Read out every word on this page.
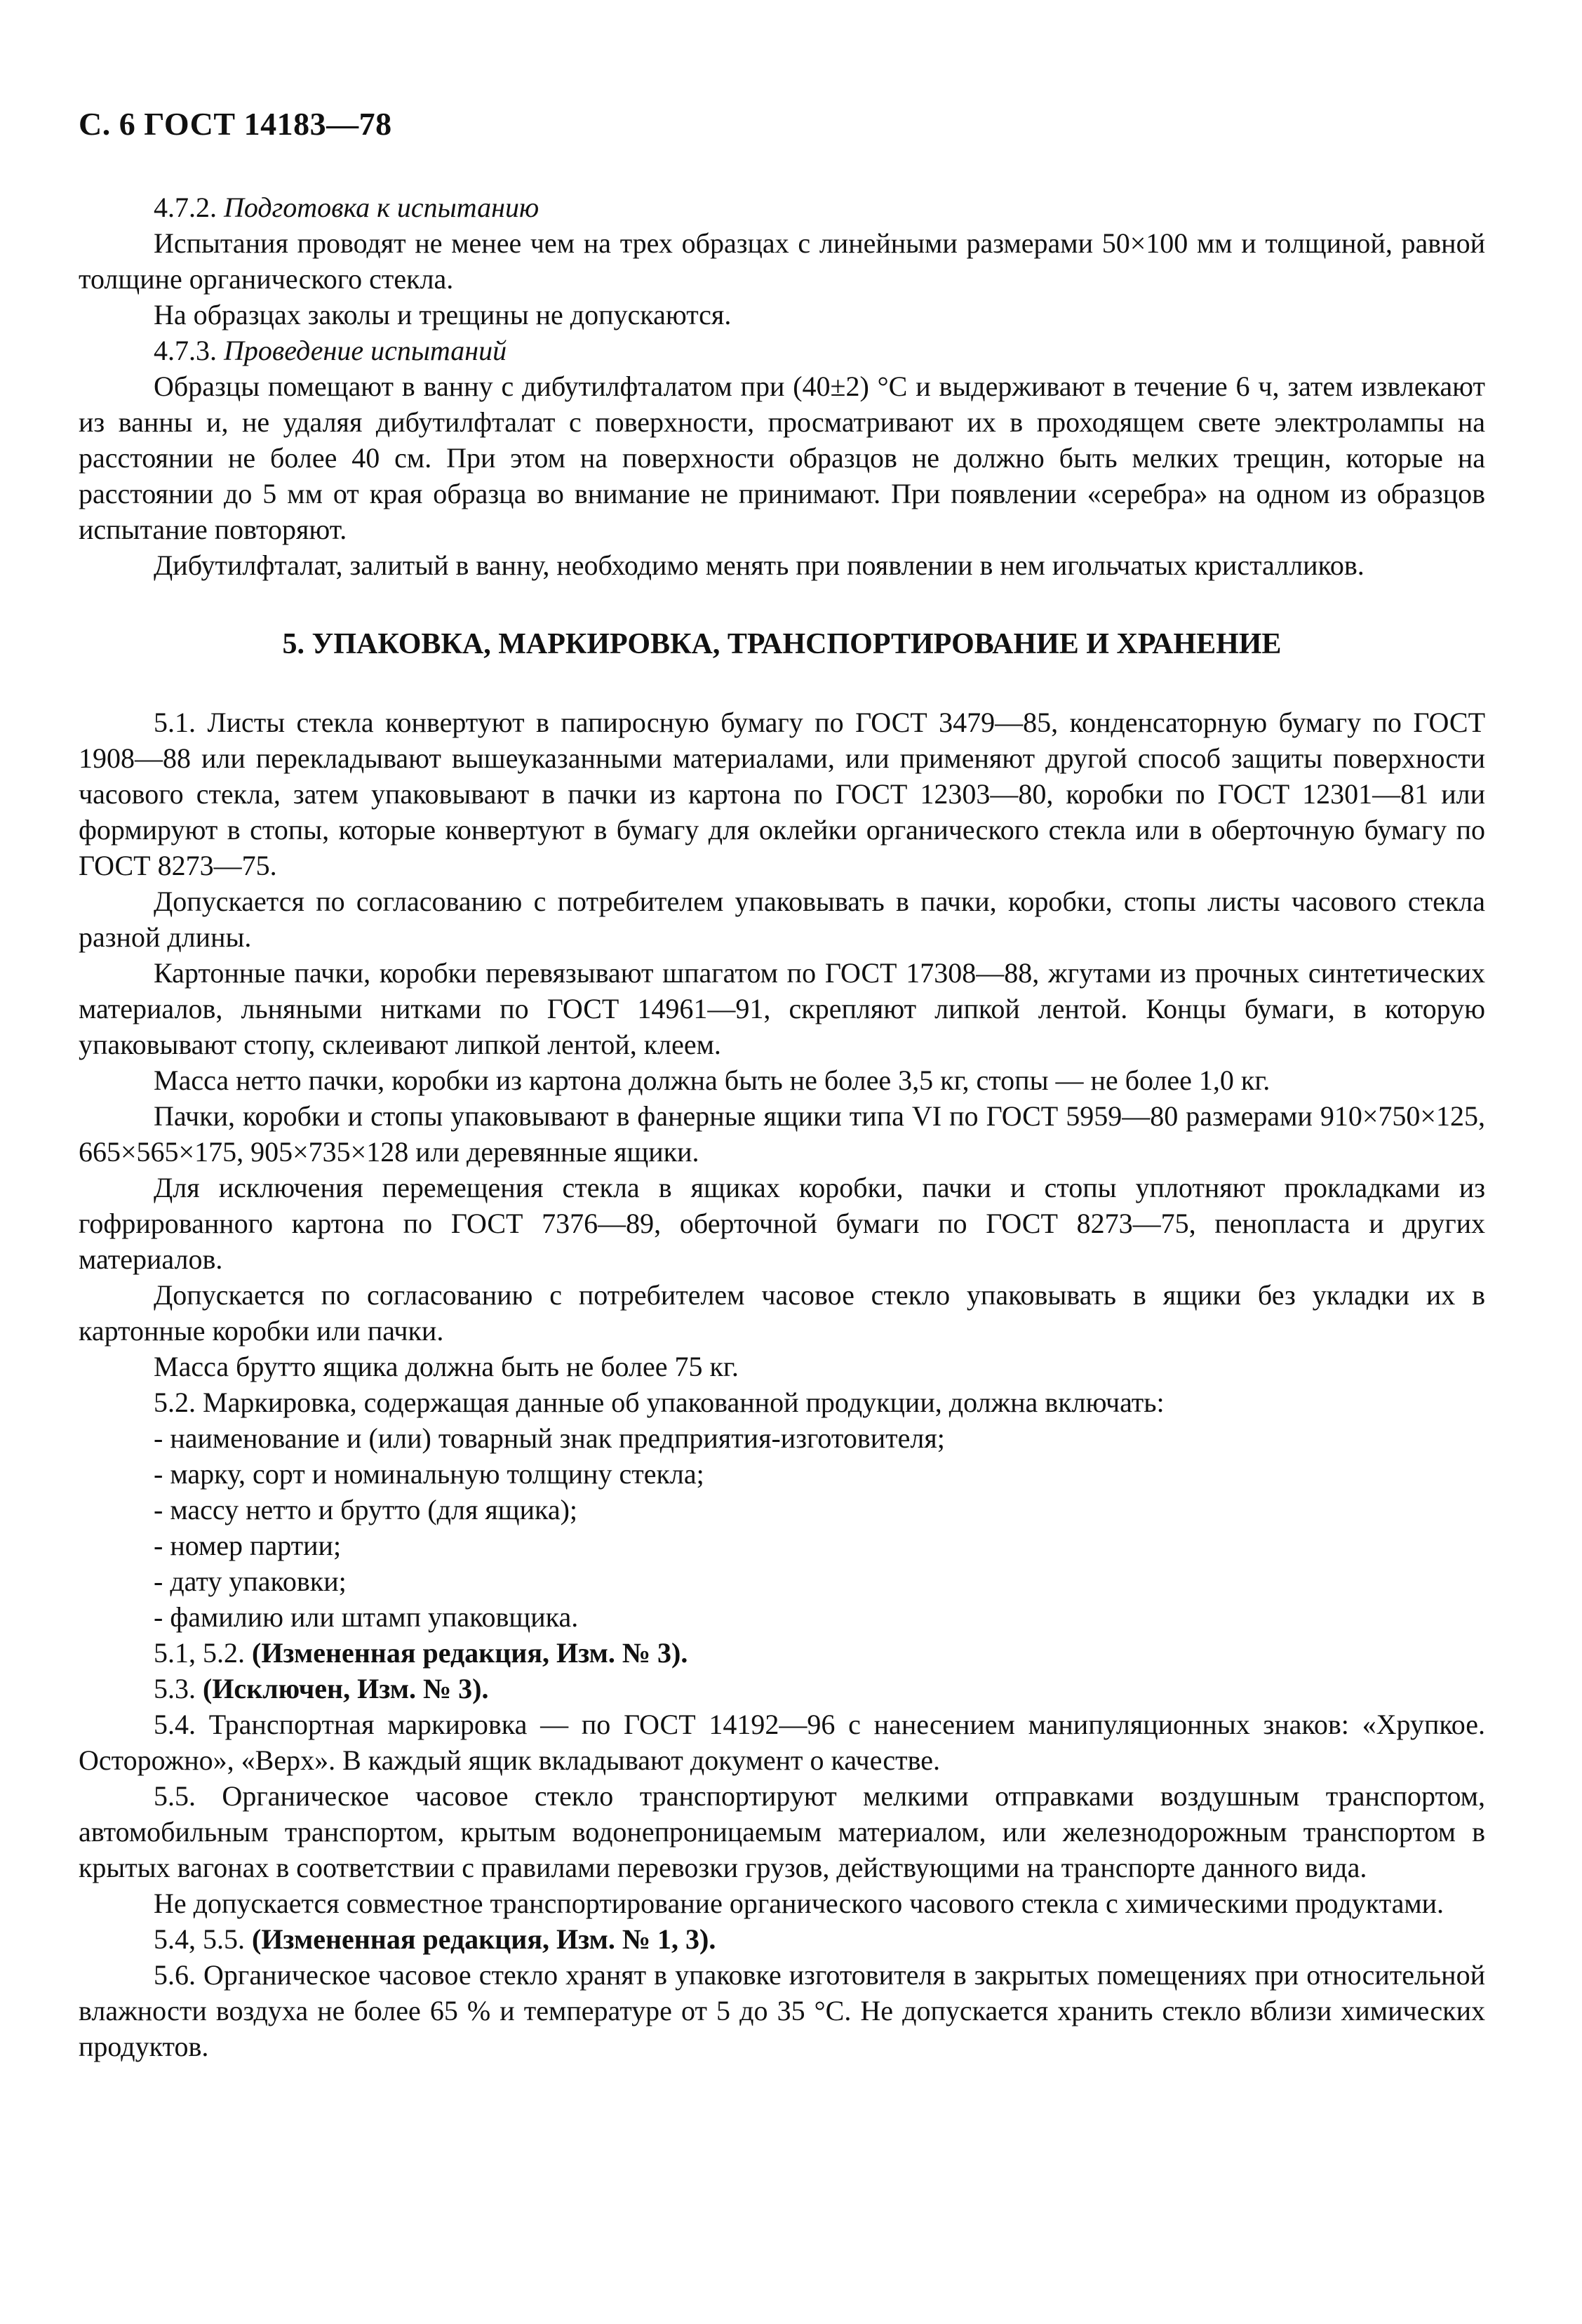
С. 6 ГОСТ 14183—78

4.7.2. Подготовка к испытанию

Испытания проводят не менее чем на трех образцах с линейными размерами 50×100 мм и толщиной, равной толщине органического стекла.

На образцах заколы и трещины не допускаются.

4.7.3. Проведение испытаний

Образцы помещают в ванну с дибутилфталатом при (40±2) °С и выдерживают в течение 6 ч, затем извлекают из ванны и, не удаляя дибутилфталат с поверхности, просматривают их в проходящем свете электролампы на расстоянии не более 40 см. При этом на поверхности образцов не должно быть мелких трещин, которые на расстоянии до 5 мм от края образца во внимание не принимают. При появлении «серебра» на одном из образцов испытание повторяют.

Дибутилфталат, залитый в ванну, необходимо менять при появлении в нем игольчатых кристалликов.

5. УПАКОВКА, МАРКИРОВКА, ТРАНСПОРТИРОВАНИЕ И ХРАНЕНИЕ

5.1. Листы стекла конвертуют в папиросную бумагу по ГОСТ 3479—85, конденсаторную бумагу по ГОСТ 1908—88 или перекладывают вышеуказанными материалами, или применяют другой способ защиты поверхности часового стекла, затем упаковывают в пачки из картона по ГОСТ 12303—80, коробки по ГОСТ 12301—81 или формируют в стопы, которые конвертуют в бумагу для оклейки органического стекла или в оберточную бумагу по ГОСТ 8273—75.

Допускается по согласованию с потребителем упаковывать в пачки, коробки, стопы листы часового стекла разной длины.

Картонные пачки, коробки перевязывают шпагатом по ГОСТ 17308—88, жгутами из прочных синтетических материалов, льняными нитками по ГОСТ 14961—91, скрепляют липкой лентой. Концы бумаги, в которую упаковывают стопу, склеивают липкой лентой, клеем.

Масса нетто пачки, коробки из картона должна быть не более 3,5 кг, стопы — не более 1,0 кг.

Пачки, коробки и стопы упаковывают в фанерные ящики типа VI по ГОСТ 5959—80 размерами 910×750×125, 665×565×175, 905×735×128 или деревянные ящики.

Для исключения перемещения стекла в ящиках коробки, пачки и стопы уплотняют прокладками из гофрированного картона по ГОСТ 7376—89, оберточной бумаги по ГОСТ 8273—75, пенопласта и других материалов.

Допускается по согласованию с потребителем часовое стекло упаковывать в ящики без укладки их в картонные коробки или пачки.

Масса брутто ящика должна быть не более 75 кг.

5.2. Маркировка, содержащая данные об упакованной продукции, должна включать:

- наименование и (или) товарный знак предприятия-изготовителя;

- марку, сорт и номинальную толщину стекла;

- массу нетто и брутто (для ящика);

- номер партии;

- дату упаковки;

- фамилию или штамп упаковщика.

5.1, 5.2. (Измененная редакция, Изм. № 3).

5.3. (Исключен, Изм. № 3).

5.4. Транспортная маркировка — по ГОСТ 14192—96 с нанесением манипуляционных знаков: «Хрупкое. Осторожно», «Верх». В каждый ящик вкладывают документ о качестве.

5.5. Органическое часовое стекло транспортируют мелкими отправками воздушным транспортом, автомобильным транспортом, крытым водонепроницаемым материалом, или железнодорожным транспортом в крытых вагонах в соответствии с правилами перевозки грузов, действующими на транспорте данного вида.

Не допускается совместное транспортирование органического часового стекла с химическими продуктами.

5.4, 5.5. (Измененная редакция, Изм. № 1, 3).

5.6. Органическое часовое стекло хранят в упаковке изготовителя в закрытых помещениях при относительной влажности воздуха не более 65 % и температуре от 5 до 35 °С. Не допускается хранить стекло вблизи химических продуктов.
